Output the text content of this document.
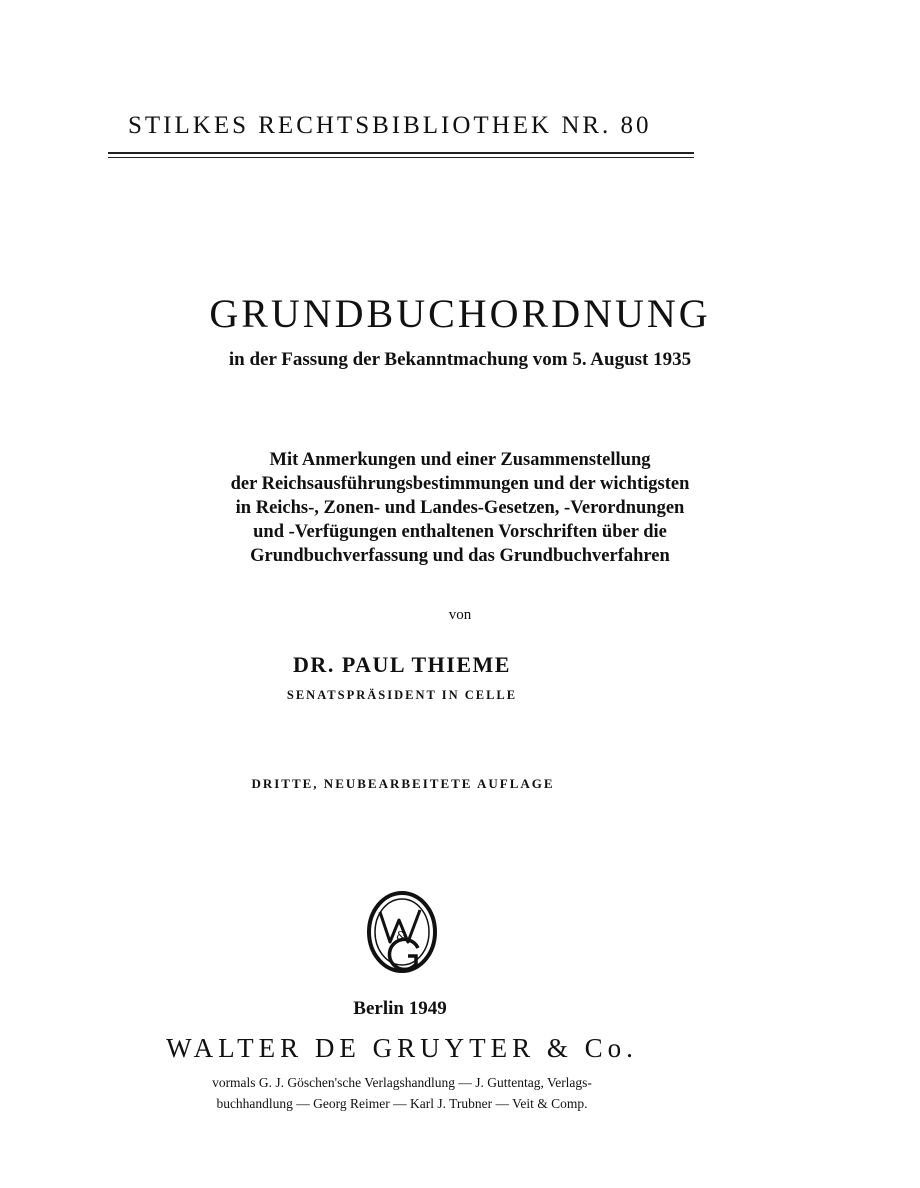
STILKES RECHTSBIBLIOTHEK NR. 80
GRUNDBUCHORDNUNG
in der Fassung der Bekanntmachung vom 5. August 1935
Mit Anmerkungen und einer Zusammenstellung
der Reichsausführungsbestimmungen und der wichtigsten
in Reichs-, Zonen- und Landes-Gesetzen, -Verordnungen
und -Verfügungen enthaltenen Vorschriften über die
Grundbuchverfassung und das Grundbuchverfahren
von
DR. PAUL THIEME
SENATSPRÄSIDENT IN CELLE
DRITTE, NEUBEARBEITETE AUFLAGE
&
Berlin 1949
WALTER DE GRUYTER & Co.
vormals G. J. Göschen'sche Verlagshandlung — J. Guttentag, Verlags-
buchhandlung — Georg Reimer — Karl J. Trubner — Veit & Comp.
